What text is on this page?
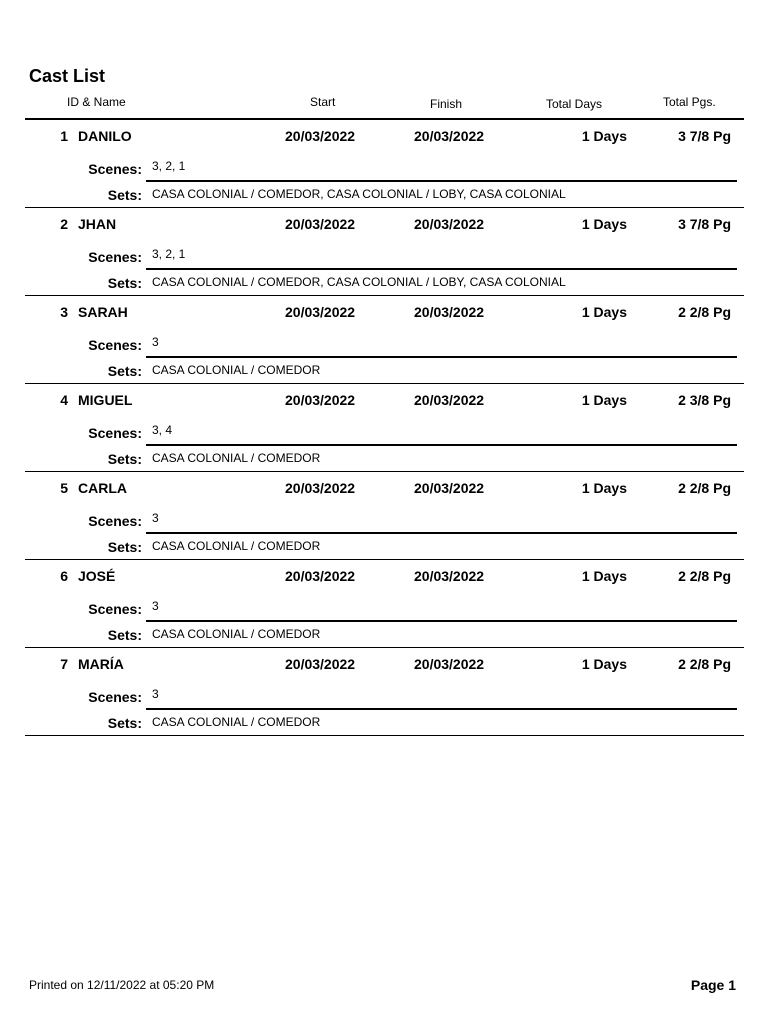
Cast List
ID & Name	Start	Finish	Total Days	Total Pgs.
1 DANILO	20/03/2022	20/03/2022	1 Days	3 7/8 Pg
Scenes: 3, 2, 1
Sets: CASA COLONIAL / COMEDOR, CASA COLONIAL / LOBY, CASA COLONIAL
2 JHAN	20/03/2022	20/03/2022	1 Days	3 7/8 Pg
Scenes: 3, 2, 1
Sets: CASA COLONIAL / COMEDOR, CASA COLONIAL / LOBY, CASA COLONIAL
3 SARAH	20/03/2022	20/03/2022	1 Days	2 2/8 Pg
Scenes: 3
Sets: CASA COLONIAL / COMEDOR
4 MIGUEL	20/03/2022	20/03/2022	1 Days	2 3/8 Pg
Scenes: 3, 4
Sets: CASA COLONIAL / COMEDOR
5 CARLA	20/03/2022	20/03/2022	1 Days	2 2/8 Pg
Scenes: 3
Sets: CASA COLONIAL / COMEDOR
6 JOSÉ	20/03/2022	20/03/2022	1 Days	2 2/8 Pg
Scenes: 3
Sets: CASA COLONIAL / COMEDOR
7 MARÍA	20/03/2022	20/03/2022	1 Days	2 2/8 Pg
Scenes: 3
Sets: CASA COLONIAL / COMEDOR
Printed on 12/11/2022 at 05:20 PM	Page 1
